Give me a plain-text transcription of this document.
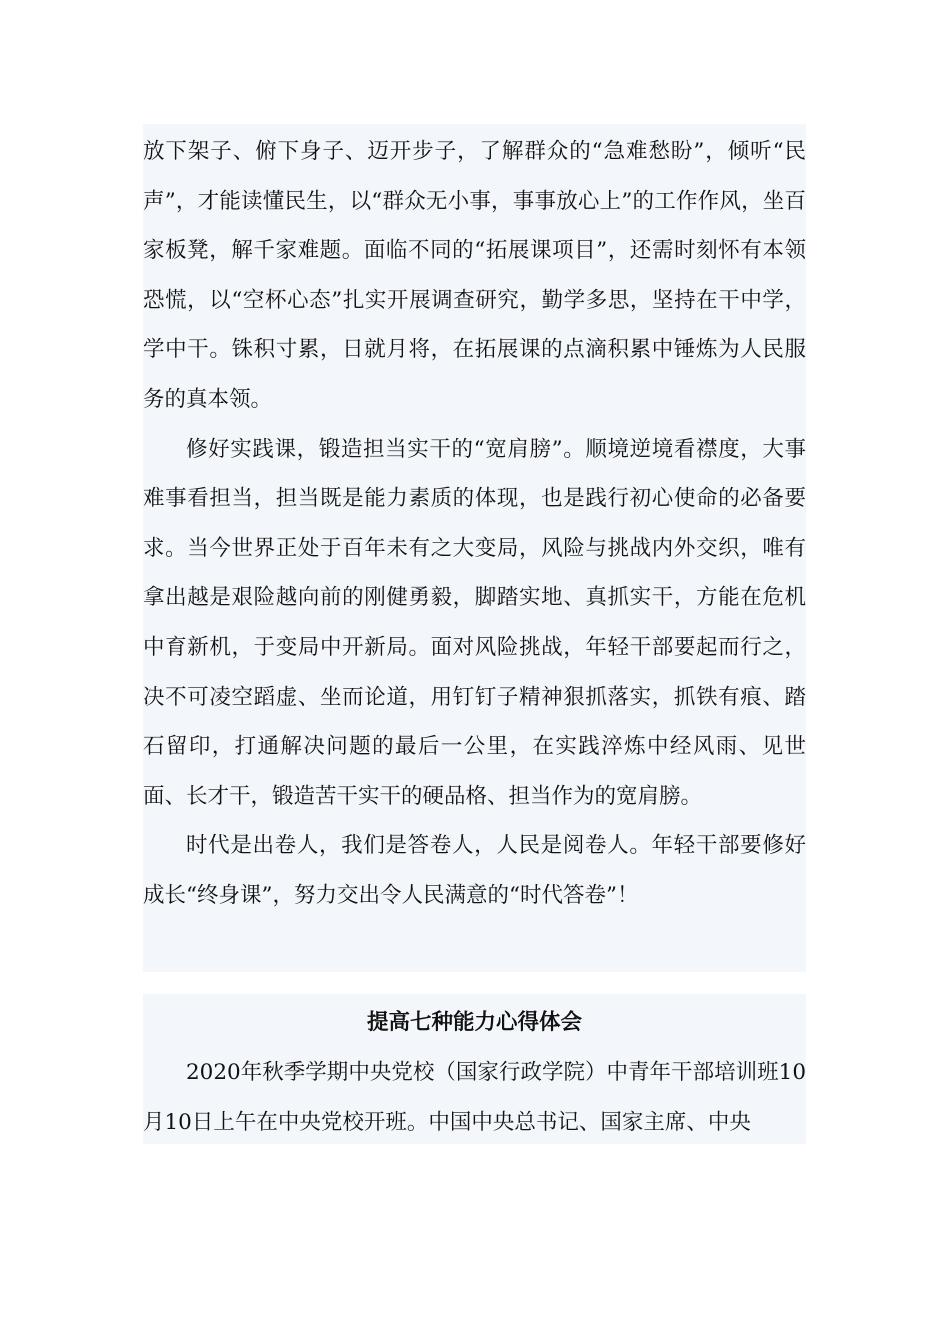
放下架子、俯下身子、迈开步子，了解群众的“急难愁盼”，倾听“民声”，才能读懂民生，以“群众无小事，事事放心上”的工作作风，坐百家板凳，解千家难题。面临不同的“拓展课项目”，还需时刻怀有本领恐慌，以“空杯心态”扎实开展调查研究，勤学多思，坚持在干中学，学中干。铢积寸累，日就月将，在拓展课的点滴积累中锤炼为人民服务的真本领。

修好实践课，锻造担当实干的“宽肩膀”。顺境逆境看襟度，大事难事看担当，担当既是能力素质的体现，也是践行初心使命的必备要求。当今世界正处于百年未有之大变局，风险与挑战内外交织，唯有拿出越是艰险越向前的刚健勇毅，脚踏实地、真抓实干，方能在危机中育新机，于变局中开新局。面对风险挑战，年轻干部要起而行之，决不可凌空蹈虚、坐而论道，用钉钉子精神狠抓落实，抓铁有痕、踏石留印，打通解决问题的最后一公里，在实践淬炼中经风雨、见世面、长才干，锻造苦干实干的硬品格、担当作为的宽肩膀。

时代是出卷人，我们是答卷人，人民是阅卷人。年轻干部要修好成长“终身课”，努力交出令人民满意的“时代答卷”！

提高七种能力心得体会

2020年秋季学期中央党校（国家行政学院）中青年干部培训班10月10日上午在中央党校开班。中国中央总书记、国家主席、中央
